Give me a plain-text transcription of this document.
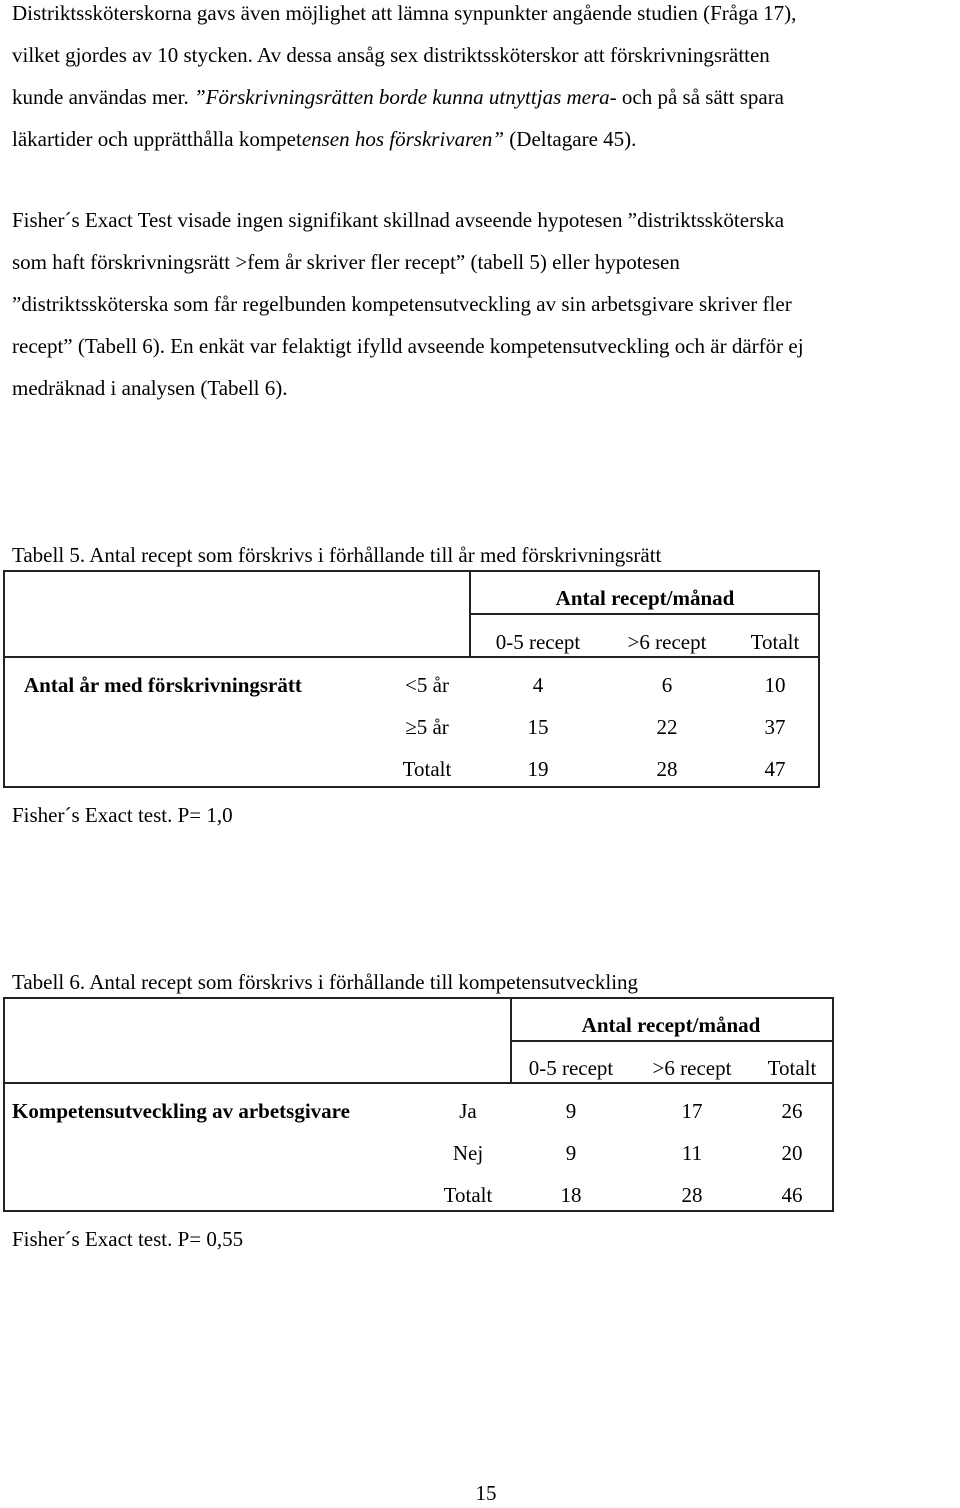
Distriktssköterskorna gavs även möjlighet att lämna synpunkter angående studien (Fråga 17),
vilket gjordes av 10 stycken. Av dessa ansåg sex distriktssköterskor att förskrivningsrätten
kunde användas mer. ”Förskrivningsrätten borde kunna utnyttjas mera- och på så sätt spara
läkartider och upprätthålla kompetensen hos förskrivaren” (Deltagare 45).

Fisher´s Exact Test visade ingen signifikant skillnad avseende hypotesen ”distriktssköterska
som haft förskrivningsrätt >fem år skriver fler recept” (tabell 5) eller hypotesen
”distriktssköterska som får regelbunden kompetensutveckling av sin arbetsgivare skriver fler
recept” (Tabell 6). En enkät var felaktigt ifylld avseende kompetensutveckling och är därför ej
medräknad i analysen (Tabell 6).

Tabell 5. Antal recept som förskrivs i förhållande till år med förskrivningsrätt
Antal recept/månad
0-5 recept >6 recept Totalt
Antal år med förskrivningsrätt	<5 år	4	6	10
≥5 år	15	22	37
Totalt	19	28	47
Fisher´s Exact test. P= 1,0
Tabell 6. Antal recept som förskrivs i förhållande till kompetensutveckling
Antal recept/månad
0-5 recept >6 recept Totalt
Kompetensutveckling av arbetsgivare	Ja	9	17	26
Nej	9	11	20
Totalt	18	28	46
Fisher´s Exact test. P= 0,55
15
